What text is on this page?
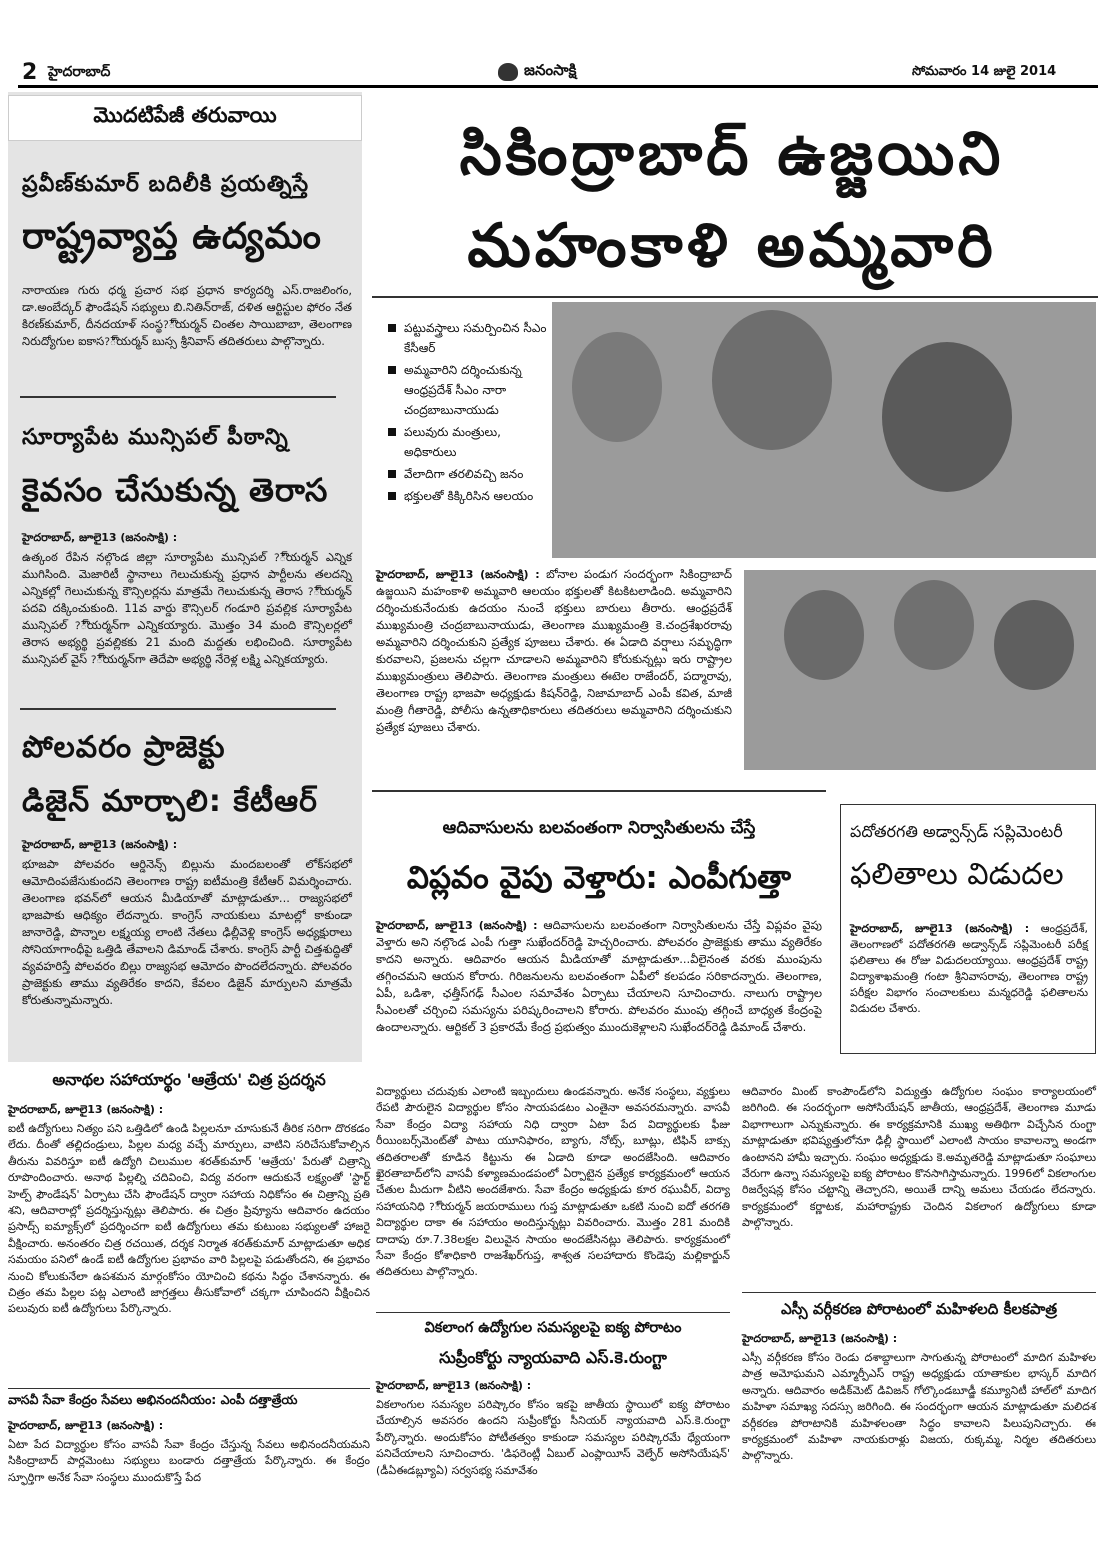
2 హైదరాబాద్	జనంసాక్షి	సోమవారం 14 జులై 2014
మొదటిపేజీ తరువాయి
ప్రవీణ్‌కుమార్ బదిలీకి ప్రయత్నిస్తే
రాష్ట్రవ్యాప్త ఉద్యమం
నారాయణ గురు ధర్మ ప్రచార సభ ప్రధాన కార్యదర్శి ఎస్.రాజలింగం, డా.అంబేద్కర్ ఫౌండేషన్ సభ్యులు బి.నితిన్‌రాజ్, దళిత ఆర్టిస్టుల ఫోరం నేత కిరణ్‌కుమార్, దీనదయాళ్ సంస్థ?ౌ్యర్మన్ చింతల సాయిబాబా, తెలంగాణ నిరుద్యోగుల ఐకాస?ౌ్యర్మన్ బుస్స శ్రీనివాస్ తదితరులు పాల్గొన్నారు.
సూర్యాపేట మున్సిపల్ పీఠాన్ని
కైవసం చేసుకున్న తెరాస
హైదరాబాద్, జూలై13 (జనంసాక్షి) :
ఉత్కంఠ రేపిన నల్గొండ జిల్లా సూర్యాపేట మున్సిపల్ ?ౌ్యర్మన్ ఎన్నిక ముగిసింది. మెజారిటీ స్థానాలు గెలుచుకున్న ప్రధాన పార్టీలను తలదన్ని ఎన్నికల్లో గెలుచుకున్న కౌన్సిలర్లను మాత్రమే గెలుచుకున్న తెరాస ?ౌ్యర్మన్ పదవి దక్కించుకుంది. 11వ వార్డు కౌన్సిలర్ గండూరి ప్రవల్లిక సూర్యాపేట మున్సిపల్ ?ౌ్యర్మన్‌గా ఎన్నికయ్యారు. మొత్తం 34 మంది కౌన్సిలర్లలో తెరాస అభ్యర్థి ప్రవల్లికకు 21 మంది మద్దతు లభించింది. సూర్యాపేట మున్సిపల్ వైస్ ?ౌ్యర్మన్‌గా తెదేపా అభ్యర్థి నేరెళ్ల లక్ష్మి ఎన్నికయ్యారు.
పోలవరం ప్రాజెక్టు
డిజైన్ మార్చాలి: కేటీఆర్
హైదరాబాద్, జూలై13 (జనంసాక్షి) :
భూజపా పోలవరం ఆర్డినెన్స్ బిల్లును మందబలంతో లోక్‌సభలో ఆమోదింపజేసుకుందని తెలంగాణ రాష్ట్ర ఐటీమంత్రి కేటీఆర్ విమర్శించారు. తెలంగాణ భవన్‌లో ఆయన మీడియాతో మాట్లాడుతూ... రాజ్యసభలో భాజపాకు ఆధిక్యం లేదన్నారు. కాంగ్రెస్ నాయకులు మాటల్లో కాకుండా జానారెడ్డి, పొన్నాల లక్ష్మయ్య లాంటి నేతలు ఢిల్లీవెళ్లి కాంగ్రెస్ అధ్యక్షురాలు సోనియాగాంధీపై ఒత్తిడి తేవాలని డిమాండ్ చేశారు. కాంగ్రెస్ పార్టీ చిత్తశుద్ధితో వ్యవహరిస్తే పోలవరం బిల్లు రాజ్యసభ ఆమోదం పొందలేదన్నారు. పోలవరం ప్రాజెక్టుకు తాము వ్యతిరేకం కాదని, కేవలం డిజైన్ మార్పులని మాత్రమే కోరుతున్నామన్నారు.
సికింద్రాబాద్ ఉజ్జయిని
మహంకాళి అమ్మవారి
పట్టువస్త్రాలు సమర్పించిన సీఎం కేసీఆర్
అమ్మవారిని దర్శించుకున్న ఆంధ్రప్రదేశ్ సీఎం నారా చంద్రబాబునాయుడు
పలువురు మంత్రులు, అధికారులు
వేలాదిగా తరలివచ్చి జనం
భక్తులతో కిక్కిరిసిన ఆలయం
హైదరాబాద్, జూలై13 (జనంసాక్షి) : బోనాల పండుగ సందర్భంగా సికింద్రాబాద్ ఉజ్జయిని మహంకాళి అమ్మవారి ఆలయం భక్తులతో కిటకిటలాడింది. అమ్మవారిని దర్శించుకునేందుకు ఉదయం నుంచే భక్తులు బారులు తీరారు. ఆంధ్రప్రదేశ్ ముఖ్యమంత్రి చంద్రబాబునాయుడు, తెలంగాణ ముఖ్యమంత్రి కె.చంద్రశేఖరరావు అమ్మవారిని దర్శించుకుని ప్రత్యేక పూజలు చేశారు. ఈ ఏడాది వర్షాలు సమృద్ధిగా కురవాలని, ప్రజలను చల్లగా చూడాలని అమ్మవారిని కోరుకున్నట్లు ఇరు రాష్ట్రాల ముఖ్యమంత్రులు తెలిపారు. తెలంగాణ మంత్రులు ఈటెల రాజేందర్, పద్మారావు, తెలంగాణ రాష్ట్ర భాజపా అధ్యక్షుడు కిషన్‌రెడ్డి, నిజామాబాద్ ఎంపీ కవిత, మాజీ మంత్రి గీతారెడ్డి, పోలీసు ఉన్నతాధికారులు తదితరులు అమ్మవారిని దర్శించుకుని ప్రత్యేక పూజలు చేశారు.
ఆదివాసులను బలవంతంగా నిర్వాసితులను చేస్తే
విప్లవం వైపు వెళ్తారు: ఎంపీగుత్తా
హైదరాబాద్, జూలై13 (జనంసాక్షి) : ఆదివాసులను బలవంతంగా నిర్వాసితులను చేస్తే విప్లవం వైపు వెళ్తారు అని నల్గొండ ఎంపీ గుత్తా సుఖేందర్‌రెడ్డి హెచ్చరించారు. పోలవరం ప్రాజెక్టుకు తాము వ్యతిరేకం కాదని అన్నారు. ఆదివారం ఆయన మీడియాతో మాట్లాడుతూ...వీలైనంత వరకు ముంపును తగ్గించమని ఆయన కోరారు. గిరిజనులను బలవంతంగా ఏపీలో కలపడం సరికాదన్నారు. తెలంగాణ, ఏపీ, ఒడిశా, ఛత్తీస్‌గఢ్ సీఎంల సమావేశం ఏర్పాటు చేయాలని సూచించారు. నాలుగు రాష్ట్రాల సీఎంలతో చర్చించి సమస్యను పరిష్కరించాలని కోరారు. పోలవరం ముంపు తగ్గించే బాధ్యత కేంద్రంపై ఉందాలన్నారు. ఆర్టికల్ 3 ప్రకారమే కేంద్ర ప్రభుత్వం ముందుకెళ్లాలని సుఖేందర్‌రెడ్డి డిమాండ్ చేశారు.
పదోతరగతి అడ్వాన్స్‌డ్ సప్లిమెంటరీ
ఫలితాలు విడుదల
హైదరాబాద్, జూలై13 (జనంసాక్షి) : ఆంధ్రప్రదేశ్, తెలంగాణలో పదోతరగతి అడ్వాన్స్‌డ్ సప్లిమెంటరీ పరీక్ష ఫలితాలు ఈ రోజు విడుదలయ్యాయి. ఆంధ్రప్రదేశ్ రాష్ట్ర విద్యాశాఖమంత్రి గంటా శ్రీనివాసరావు, తెలంగాణ రాష్ట్ర పరీక్షల విభాగం సంచాలకులు మన్మధరెడ్డి ఫలితాలను విడుదల చేశారు.
అనాథల సహాయార్థం 'ఆత్రేయ' చిత్ర ప్రదర్శన
హైదరాబాద్, జూలై13 (జనంసాక్షి) :
ఐటీ ఉద్యోగులు నిత్యం పని ఒత్తిడిలో ఉండి పిల్లలనూ చూసుకునే తీరిక సరిగా దొరకడం లేదు. దీంతో తల్లిదండ్రులు, పిల్లల మధ్య వచ్చే మార్పులు, వాటిని సరిచేసుకోవాల్సిన తీరును వివరిస్తూ ఐటీ ఉద్యోగి చిలుముల శరత్‌కుమార్ 'ఆత్రేయ' పేరుతో చిత్రాన్ని రూపొందించారు. అనాథ పిల్లల్ని చదివించి, విద్య వరంగా ఆదుకునే లక్ష్యంతో 'స్టార్ట్ హెల్ప్ ఫౌండేషన్' ఏర్పాటు చేసి ఫౌండేషన్ ద్వారా సహాయ నిధికోసం ఈ చిత్రాన్ని ప్రతి శని, ఆదివారాల్లో ప్రదర్శిస్తున్నట్లు తెలిపారు. ఈ చిత్రం ప్రివ్యూను ఆదివారం ఉదయం ప్రసాద్స్ ఐమ్యాక్స్‌లో ప్రదర్శించగా ఐటీ ఉద్యోగులు తమ కుటుంబ సభ్యులతో హాజరై వీక్షించారు. అనంతరం చిత్ర రచయిత, దర్శక నిర్మాత శరత్‌కుమార్ మాట్లాడుతూ అధిక సమయం పనిలో ఉండే ఐటీ ఉద్యోగుల ప్రభావం వారి పిల్లలపై పడుతోందని, ఈ ప్రభావం నుంచి కోలుకునేలా ఉపశమన మార్గంకోసం యోచించి కథను సిద్ధం చేశానన్నారు. ఈ చిత్రం తమ పిల్లల పట్ల ఎలాంటి జాగ్రత్తలు తీసుకోవాలో చక్కగా చూపిందని వీక్షించిన పలువురు ఐటీ ఉద్యోగులు పేర్కొన్నారు.
వాసవీ సేవా కేంద్రం సేవలు అభినందనీయం: ఎంపీ దత్తాత్రేయ
హైదరాబాద్, జూలై13 (జనంసాక్షి) :
ఏటా పేద విద్యార్థుల కోసం వాసవీ సేవా కేంద్రం చేస్తున్న సేవలు అభినందనీయమని సికింద్రాబాద్ పార్లమెంటు సభ్యులు బండారు దత్తాత్రేయ పేర్కొన్నారు. ఈ కేంద్రం స్ఫూర్తిగా అనేక సేవా సంస్థలు ముందుకొస్తే పేద
విద్యార్థులు చదువుకు ఎలాంటి ఇబ్బందులు ఉండవన్నారు. అనేక సంస్థలు, వ్యక్తులు రేపటి పౌరులైన విద్యార్థుల కోసం సాయపడటం ఎంతైనా అవసరమన్నారు. వాసవీ సేవా కేంద్రం విద్యా సహాయ నిధి ద్వారా ఏటా పేద విద్యార్థులకు ఫీజు రీయింబర్స్‌మెంట్‌తో పాటు యూనిఫారం, బ్యాగు, నోట్స్, బూట్లు, టిఫిన్ బాక్సు తదితరాలతో కూడిన కిట్టును ఈ ఏడాది కూడా అందజేసింది. ఆదివారం ఖైరతాబాద్‌లోని వాసవీ కళ్యాణమండపంలో ఏర్పాటైన ప్రత్యేక కార్యక్రమంలో ఆయన చేతుల మీదుగా వీటిని అందజేశారు. సేవా కేంద్రం అధ్యక్షుడు కూర రఘువీర్, విద్యా సహాయనిధి ?ౌ్యర్మన్ జయరాములు గుప్త మాట్లాడుతూ ఒకటి నుంచి ఐదో తరగతి విద్యార్థుల దాకా ఈ సహాయం అందిస్తున్నట్లు వివరించారు. మొత్తం 281 మందికి దాదాపు రూ.7.38లక్షల విలువైన సాయం అందజేసినట్లు తెలిపారు. కార్యక్రమంలో సేవా కేంద్రం కోశాధికారి రాజశేఖర్‌గుప్త, శాశ్వత సలహాదారు కొండెపు మల్లికార్జున్ తదితరులు పాల్గొన్నారు.
వికలాంగ ఉద్యోగుల సమస్యలపై ఐక్య పోరాటం
సుప్రీంకోర్టు న్యాయవాది ఎస్.కె.రుంగ్టా
హైదరాబాద్, జూలై13 (జనంసాక్షి) :
వికలాంగుల సమస్యల పరిష్కారం కోసం ఇకపై జాతీయ స్థాయిలో ఐక్య పోరాటం చేయాల్సిన అవసరం ఉందని సుప్రీంకోర్టు సీనియర్ న్యాయవాది ఎస్.కె.రుంగ్టా పేర్కొన్నారు. అందుకోసం పోటీతత్వం కాకుండా సమస్యల పరిష్కారమే ధ్యేయంగా పనిచేయాలని సూచించారు. 'డిఫరెంట్లీ ఏబుల్ ఎంప్లాయీస్ వెల్ఫేర్ అసోసియేషన్' (డీఏఈడబ్ల్యూఏ) సర్వసభ్య సమావేశం
ఆదివారం మింట్ కాంపౌండ్‌లోని విద్యుత్తు ఉద్యోగుల సంఘం కార్యాలయంలో జరిగింది. ఈ సందర్భంగా అసోసియేషన్ జాతీయ, ఆంధ్రప్రదేశ్, తెలంగాణ మూడు విభాగాలుగా ఎన్నుకున్నారు. ఈ కార్యక్రమానికి ముఖ్య అతిథిగా విచ్చేసిన రుంగ్టా మాట్లాడుతూ భవిష్యత్తులోనూ ఢిల్లీ స్థాయిలో ఎలాంటి సాయం కావాలన్నా అండగా ఉంటానని హామీ ఇచ్చారు. సంఘం అధ్యక్షుడు కె.అమృతరెడ్డి మాట్లాడుతూ సంఘాలు వేరుగా ఉన్నా సమస్యలపై ఐక్య పోరాటం కొనసాగిస్తామన్నారు. 1996లో వికలాంగుల రిజర్వేషన్ల కోసం చట్టాన్ని తెచ్చారని, అయితే దాన్ని అమలు చేయడం లేదన్నారు. కార్యక్రమంలో కర్ణాటక, మహారాష్ట్రకు చెందిన వికలాంగ ఉద్యోగులు కూడా పాల్గొన్నారు.
ఎస్సీ వర్గీకరణ పోరాటంలో మహిళలది కీలకపాత్ర
హైదరాబాద్, జూలై13 (జనంసాక్షి) :
ఎస్సీ వర్గీకరణ కోసం రెండు దశాబ్దాలుగా సాగుతున్న పోరాటంలో మాదిగ మహిళల పాత్ర అమోఘమని ఎమ్మార్పీఎస్ రాష్ట్ర అధ్యక్షుడు యాతాకుల భాస్కర్ మాదిగ అన్నారు. ఆదివారం అడిక్‌మెట్ డివిజన్ గోల్కొండబూడ్జీ కమ్యూనిటీ హాల్‌లో మాదిగ మహిళా సమాఖ్య సదస్సు జరిగింది. ఈ సందర్భంగా ఆయన మాట్లాడుతూ మలిదశ వర్గీకరణ పోరాటానికి మహిళలంతా సిద్ధం కావాలని పిలుపునిచ్చారు. ఈ కార్యక్రమంలో మహిళా నాయకురాళ్లు విజయ, రుక్కమ్మ, నిర్మల తదితరులు పాల్గొన్నారు.
